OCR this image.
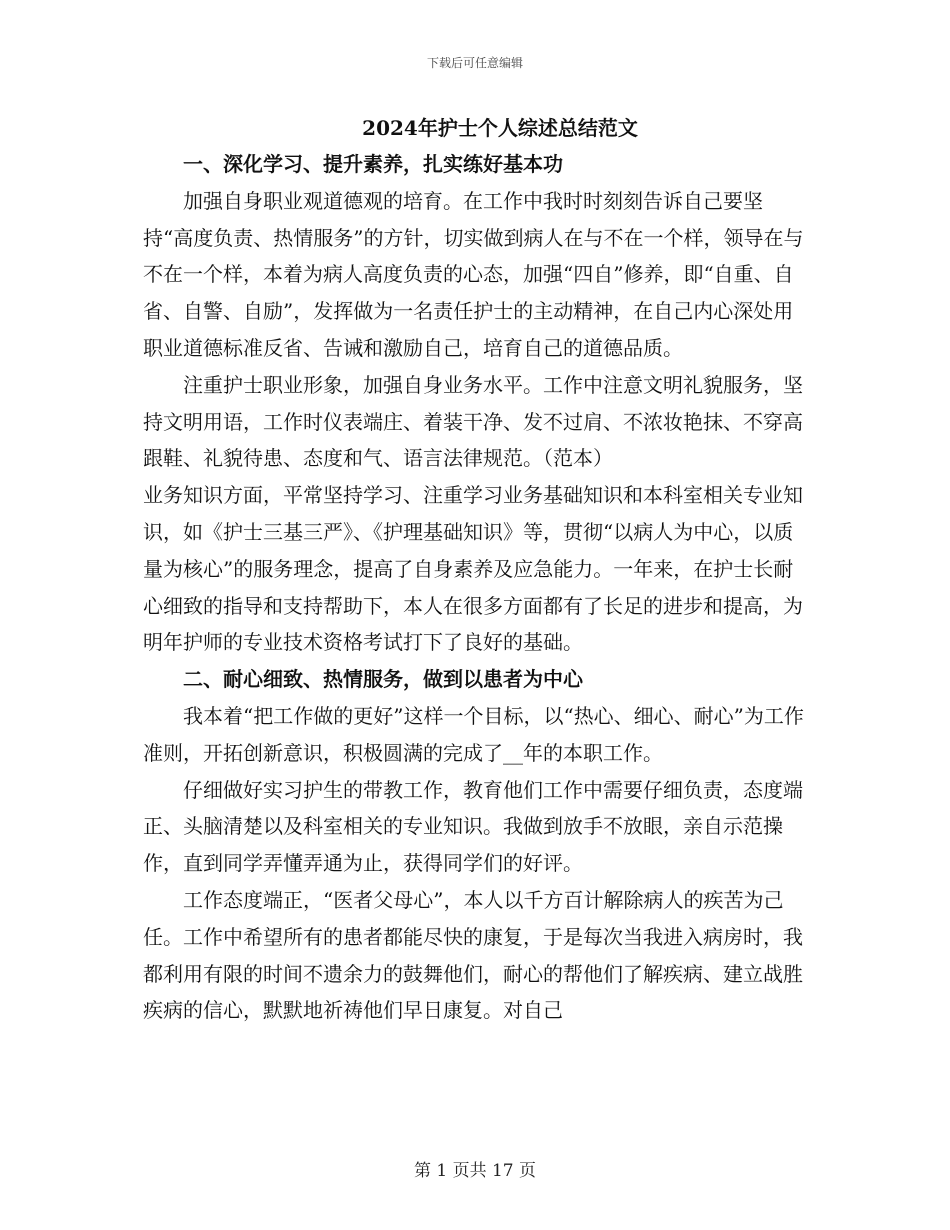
下载后可任意编辑
2024年护士个人综述总结范文

一、深化学习、提升素养，扎实练好基本功

加强自身职业观道德观的培育。在工作中我时时刻刻告诉自己要坚持“高度负责、热情服务”的方针，切实做到病人在与不在一个样，领导在与不在一个样，本着为病人高度负责的心态，加强“四自”修养，即“自重、自省、自警、自励”，发挥做为一名责任护士的主动精神，在自己内心深处用职业道德标准反省、告诫和激励自己，培育自己的道德品质。

注重护士职业形象，加强自身业务水平。工作中注意文明礼貌服务，坚持文明用语，工作时仪表端庄、着装干净、发不过肩、不浓妆艳抹、不穿高跟鞋、礼貌待患、态度和气、语言法律规范。（范本）

业务知识方面，平常坚持学习、注重学习业务基础知识和本科室相关专业知识，如《护士三基三严》、《护理基础知识》等，贯彻“以病人为中心，以质量为核心”的服务理念，提高了自身素养及应急能力。一年来，在护士长耐心细致的指导和支持帮助下，本人在很多方面都有了长足的进步和提高，为明年护师的专业技术资格考试打下了良好的基础。

二、耐心细致、热情服务，做到以患者为中心

我本着“把工作做的更好”这样一个目标，以“热心、细心、耐心”为工作准则，开拓创新意识，积极圆满的完成了__年的本职工作。

仔细做好实习护生的带教工作，教育他们工作中需要仔细负责，态度端正、头脑清楚以及科室相关的专业知识。我做到放手不放眼，亲自示范操作，直到同学弄懂弄通为止，获得同学们的好评。

工作态度端正，“医者父母心”，本人以千方百计解除病人的疾苦为己任。工作中希望所有的患者都能尽快的康复，于是每次当我进入病房时，我都利用有限的时间不遗余力的鼓舞他们，耐心的帮他们了解疾病、建立战胜疾病的信心，默默地祈祷他们早日康复。对自己

第 1 页共 17 页
